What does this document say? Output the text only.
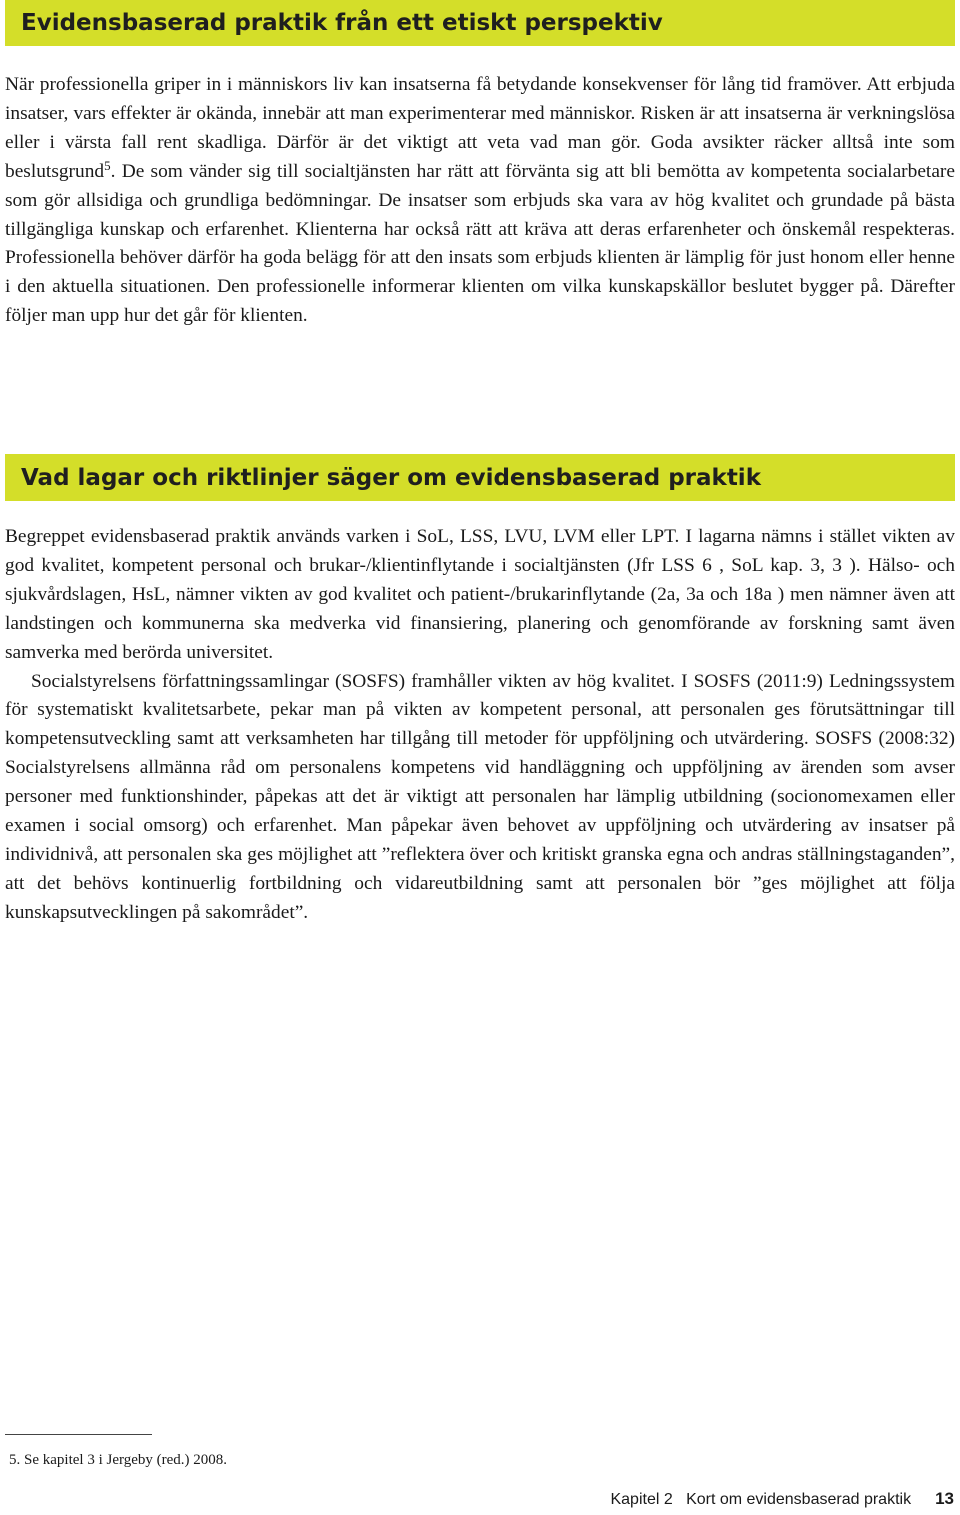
Evidensbaserad praktik från ett etiskt perspektiv

När professionella griper in i människors liv kan insatserna få betydande konsekvenser för lång tid framöver. Att erbjuda insatser, vars effekter är okända, innebär att man experimenterar med människor. Risken är att insatserna är verkningslösa eller i värsta fall rent skadliga. Därför är det viktigt att veta vad man gör. Goda avsikter räcker alltså inte som beslutsgrund$^5$. De som vänder sig till socialtjänsten har rätt att förvänta sig att bli bemötta av kompetenta socialarbetare som gör allsidiga och grundliga bedömningar. De insatser som erbjuds ska vara av hög kvalitet och grundade på bästa tillgängliga kunskap och erfarenhet. Klienterna har också rätt att kräva att deras erfarenheter och önskemål respekteras. Professionella behöver därför ha goda belägg för att den insats som erbjuds klienten är lämplig för just honom eller henne i den aktuella situationen. Den professionelle informerar klienten om vilka kunskapskällor beslutet bygger på. Därefter följer man upp hur det går för klienten.

Vad lagar och riktlinjer säger om evidensbaserad praktik

Begreppet evidensbaserad praktik används varken i SoL, LSS, LVU, LVM eller LPT. I lagarna nämns i stället vikten av god kvalitet, kompetent personal och brukar-/klientinflytande i socialtjänsten (Jfr LSS 6 , SoL kap. 3, 3 ). Hälso- och sjukvårdslagen, HsL, nämner vikten av god kvalitet och patient-/brukarinflytande (2a, 3a och 18a ) men nämner även att landstingen och kommunerna ska medverka vid finansiering, planering och genomförande av forskning samt även samverka med berörda universitet.

Socialstyrelsens författningssamlingar (SOSFS) framhåller vikten av hög kvalitet. I SOSFS (2011:9) Ledningssystem för systematiskt kvalitetsarbete, pekar man på vikten av kompetent personal, att personalen ges förutsättningar till kompetensutveckling samt att verksamheten har tillgång till metoder för uppföljning och utvärdering. SOSFS (2008:32) Socialstyrelsens allmänna råd om personalens kompetens vid handläggning och uppföljning av ärenden som avser personer med funktionshinder, påpekas att det är viktigt att personalen har lämplig utbildning (socionomexamen eller examen i social omsorg) och erfarenhet. Man påpekar även behovet av uppföljning och utvärdering av insatser på individnivå, att personalen ska ges möjlighet att ”reflektera över och kritiskt granska egna och andras ställningstaganden”, att det behövs kontinuerlig fortbildning och vidareutbildning samt att personalen bör ”ges möjlighet att följa kunskapsutvecklingen på sakområdet”.

5. Se kapitel 3 i Jergeby (red.) 2008.
Kapitel 2   Kort om evidensbaserad praktik 13
